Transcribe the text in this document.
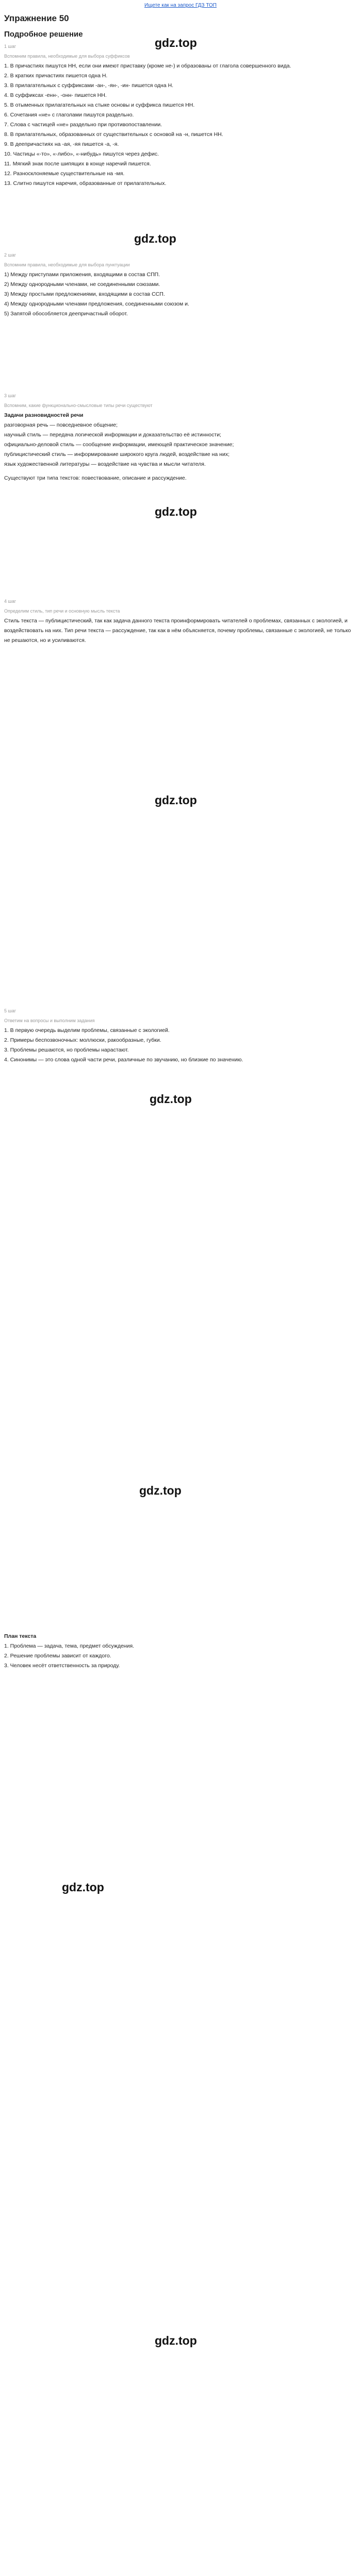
Ищете как на запрос ГДЗ ТОП
Упражнение 50
Подробное решение
gdz.top
1 шаг
Вспомним правила, необходимые для выбора суффиксов
1. В причастиях пишутся НН, если они имеют приставку (кроме не-) и образованы от глагола совершенного вида.
2. В кратких причастиях пишется одна Н.
3. В прилагательных с суффиксами -ан-, -ян-, -ин- пишется одна Н.
4. В суффиксах -енн-, -онн- пишется НН.
5. В отыменных прилагательных на стыке основы и суффикса пишется НН.
6. Сочетания «не» с глаголами пишутся раздельно.
7. Слова с частицей «не» раздельно при противопоставлении.
8. В прилагательных, образованных от существительных с основой на -н, пишется НН.
9. В деепричастиях на -ая, -яя пишется -а, -я.
10. Частицы «-то», «-либо», «-нибудь» пишутся через дефис.
11. Мягкий знак после шипящих в конце наречий пишется.
12. Разносклоняемые существительные на -мя.
13. Слитно пишутся наречия, образованные от прилагательных.
gdz.top
2 шаг
Вспомним правила, необходимые для выбора пунктуации
1) Между приступами приложения, входящими в состав СПП.
2) Между однородными членами, не соединенными союзами.
3) Между простыми предложениями, входящими в состав ССП.
4) Между однородными членами предложения, соединенными союзом и.
5) Запятой обособляется деепричастный оборот.
gdz.top
3 шаг
Вспомним, какие функционально-смысловые типы речи существуют
Задачи разновидностей речи
разговорная речь — повседневное общение;
научный стиль — передача логической информации и доказательство её истинности;
официально-деловой стиль — сообщение информации, имеющей практическое значение;
публицистический стиль — информирование широкого круга людей, воздействие на них;
язык художественной литературы — воздействие на чувства и мысли читателя.
Существуют три типа текстов: повествование, описание и рассуждение.
gdz.top
4 шаг
Определим стиль, тип речи и основную мысль текста
Стиль текста — публицистический, так как задача данного текста проинформировать читателей о проблемах, связанных с экологией, и воздействовать на них. Тип речи текста — рассуждение, так как в нём объясняется, почему проблемы, связанные с экологией, не только не решаются, но и усиливаются.
gdz.top
gdz.top
5 шаг
Ответим на вопросы и выполним задания
1. В первую очередь выделим проблемы, связанные с экологией.
2. Примеры беспозвоночных: моллюски, ракообразные, губки.
3. Проблемы решаются, но проблемы нарастают.
4. Синонимы — это слова одной части речи, различные по звучанию, но близкие по значению.
gdz.top
gdz.top
План текста
1. Проблема — задача, тема, предмет обсуждения.
2. Решение проблемы зависит от каждого.
3. Человек несёт ответственность за природу.
